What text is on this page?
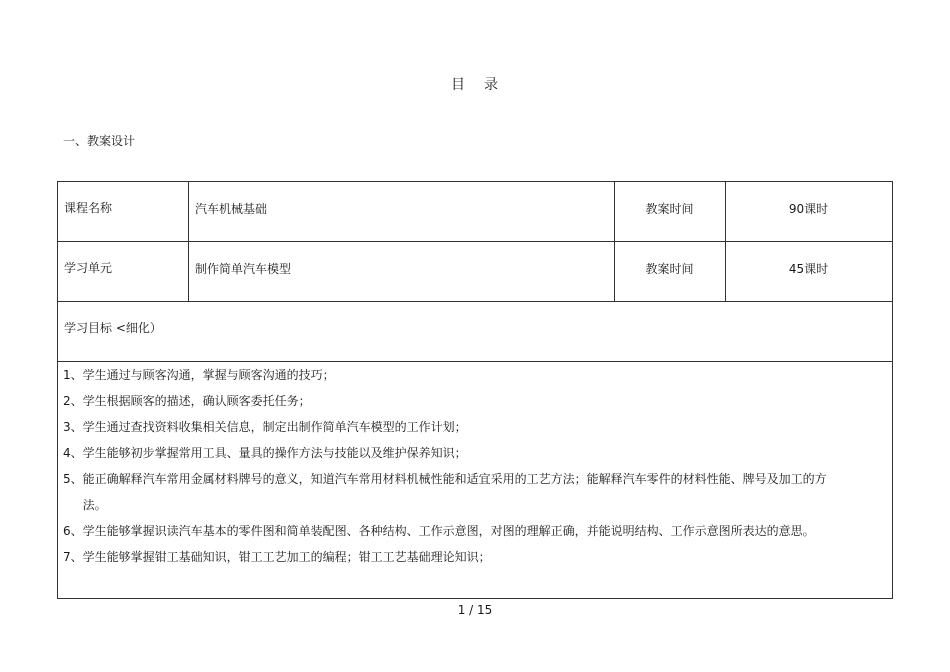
目 录
一、教案设计
课程名称	汽车机械基础	教案时间	90课时
学习单元	制作简单汽车模型	教案时间	45课时
学习目标 <细化）
1、 学生通过与顾客沟通，掌握与顾客沟通的技巧；
2、 学生根据顾客的描述，确认顾客委托任务；
3、 学生通过查找资料收集相关信息，制定出制作简单汽车模型的工作计划；
4、 学生能够初步掌握常用工具、量具的操作方法与技能以及维护保养知识；
5、 能正确解释汽车常用金属材料牌号的意义，知道汽车常用材料机械性能和适宜采用的工艺方法；能解释汽车零件的材料性能、牌号及加工的方法。
6、 学生能够掌握识读汽车基本的零件图和简单装配图、各种结构、工作示意图，对图的理解正确，并能说明结构、工作示意图所表达的意思。
7、 学生能够掌握钳工基础知识，钳工工艺加工的编程；钳工工艺基础理论知识；
1 / 15
